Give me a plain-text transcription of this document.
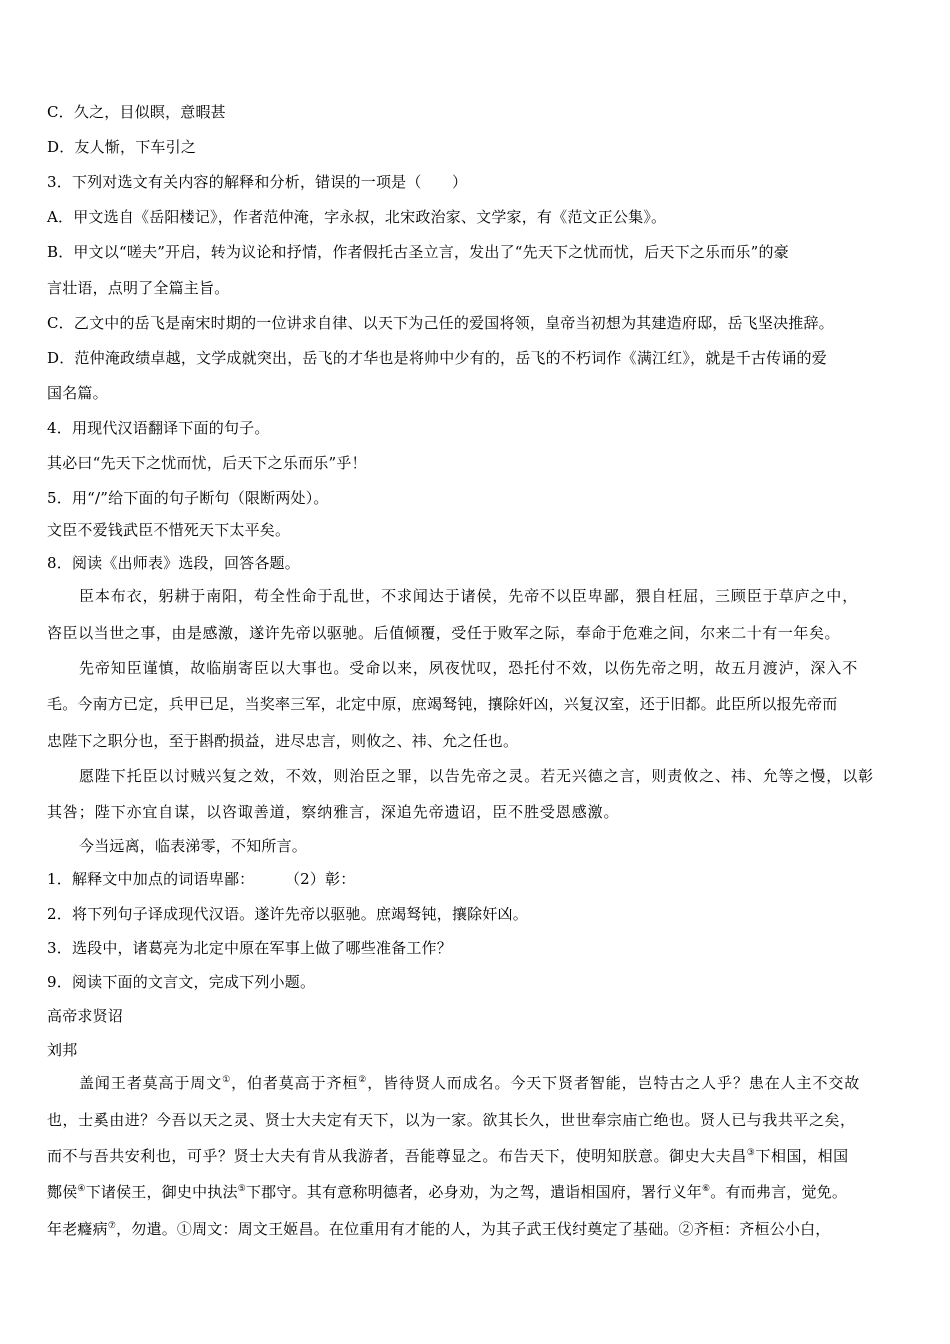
C．久之，目似瞑，意暇甚
D．友人惭，下车引之
3．下列对选文有关内容的解释和分析，错误的一项是（　　）
A．甲文选自《岳阳楼记》，作者范仲淹，字永叔，北宋政治家、文学家，有《范文正公集》。
B．甲文以“嗟夫”开启，转为议论和抒情，作者假托古圣立言，发出了“先天下之忧而忧，后天下之乐而乐”的豪
言壮语，点明了全篇主旨。
C．乙文中的岳飞是南宋时期的一位讲求自律、以天下为己任的爱国将领，皇帝当初想为其建造府邸，岳飞坚决推辞。
D．范仲淹政绩卓越，文学成就突出，岳飞的才华也是将帅中少有的，岳飞的不朽词作《满江红》，就是千古传诵的爱
国名篇。
4．用现代汉语翻译下面的句子。
其必曰“先天下之忧而忧，后天下之乐而乐”乎！
5．用“/”给下面的句子断句（限断两处）。
文臣不爱钱武臣不惜死天下太平矣。
8．阅读《出师表》选段，回答各题。
臣本布衣，躬耕于南阳，苟全性命于乱世，不求闻达于诸侯，先帝不以臣卑鄙，猥自枉屈，三顾臣于草庐之中，
咨臣以当世之事，由是感激，遂许先帝以驱驰。后值倾覆，受任于败军之际，奉命于危难之间，尔来二十有一年矣。
先帝知臣谨慎，故临崩寄臣以大事也。受命以来，夙夜忧叹，恐托付不效，以伤先帝之明，故五月渡泸，深入不
毛。今南方已定，兵甲已足，当奖率三军，北定中原，庶竭驽钝，攘除奸凶，兴复汉室，还于旧都。此臣所以报先帝而
忠陛下之职分也，至于斟酌损益，进尽忠言，则攸之、祎、允之任也。
愿陛下托臣以讨贼兴复之效，不效，则治臣之罪，以告先帝之灵。若无兴德之言，则责攸之、祎、允等之慢，以彰
其咎；陛下亦宜自谋，以咨诹善道，察纳雅言，深追先帝遗诏，臣不胜受恩感激。
今当远离，临表涕零，不知所言。
1．解释文中加点的词语卑鄙：　　　（2）彰：
2．将下列句子译成现代汉语。遂许先帝以驱驰。庶竭驽钝，攘除奸凶。
3．选段中，诸葛亮为北定中原在军事上做了哪些准备工作？
9．阅读下面的文言文，完成下列小题。
高帝求贤诏
刘邦
盖闻王者莫高于周文①，伯者莫高于齐桓②，皆待贤人而成名。今天下贤者智能，岂特古之人乎？患在人主不交故
也，士奚由进？今吾以天之灵、贤士大夫定有天下，以为一家。欲其长久，世世奉宗庙亡绝也。贤人已与我共平之矣，
而不与吾共安利也，可乎？贤士大夫有肯从我游者，吾能尊显之。布告天下，使明知朕意。御史大夫昌③下相国，相国
酂侯④下诸侯王，御史中执法⑤下郡守。其有意称明德者，必身劝，为之驾，遣诣相国府，署行义年⑥。有而弗言，觉免。
年老癃病⑦，勿遣。①周文：周文王姬昌。在位重用有才能的人，为其子武王伐纣奠定了基础。②齐桓：齐桓公小白，
